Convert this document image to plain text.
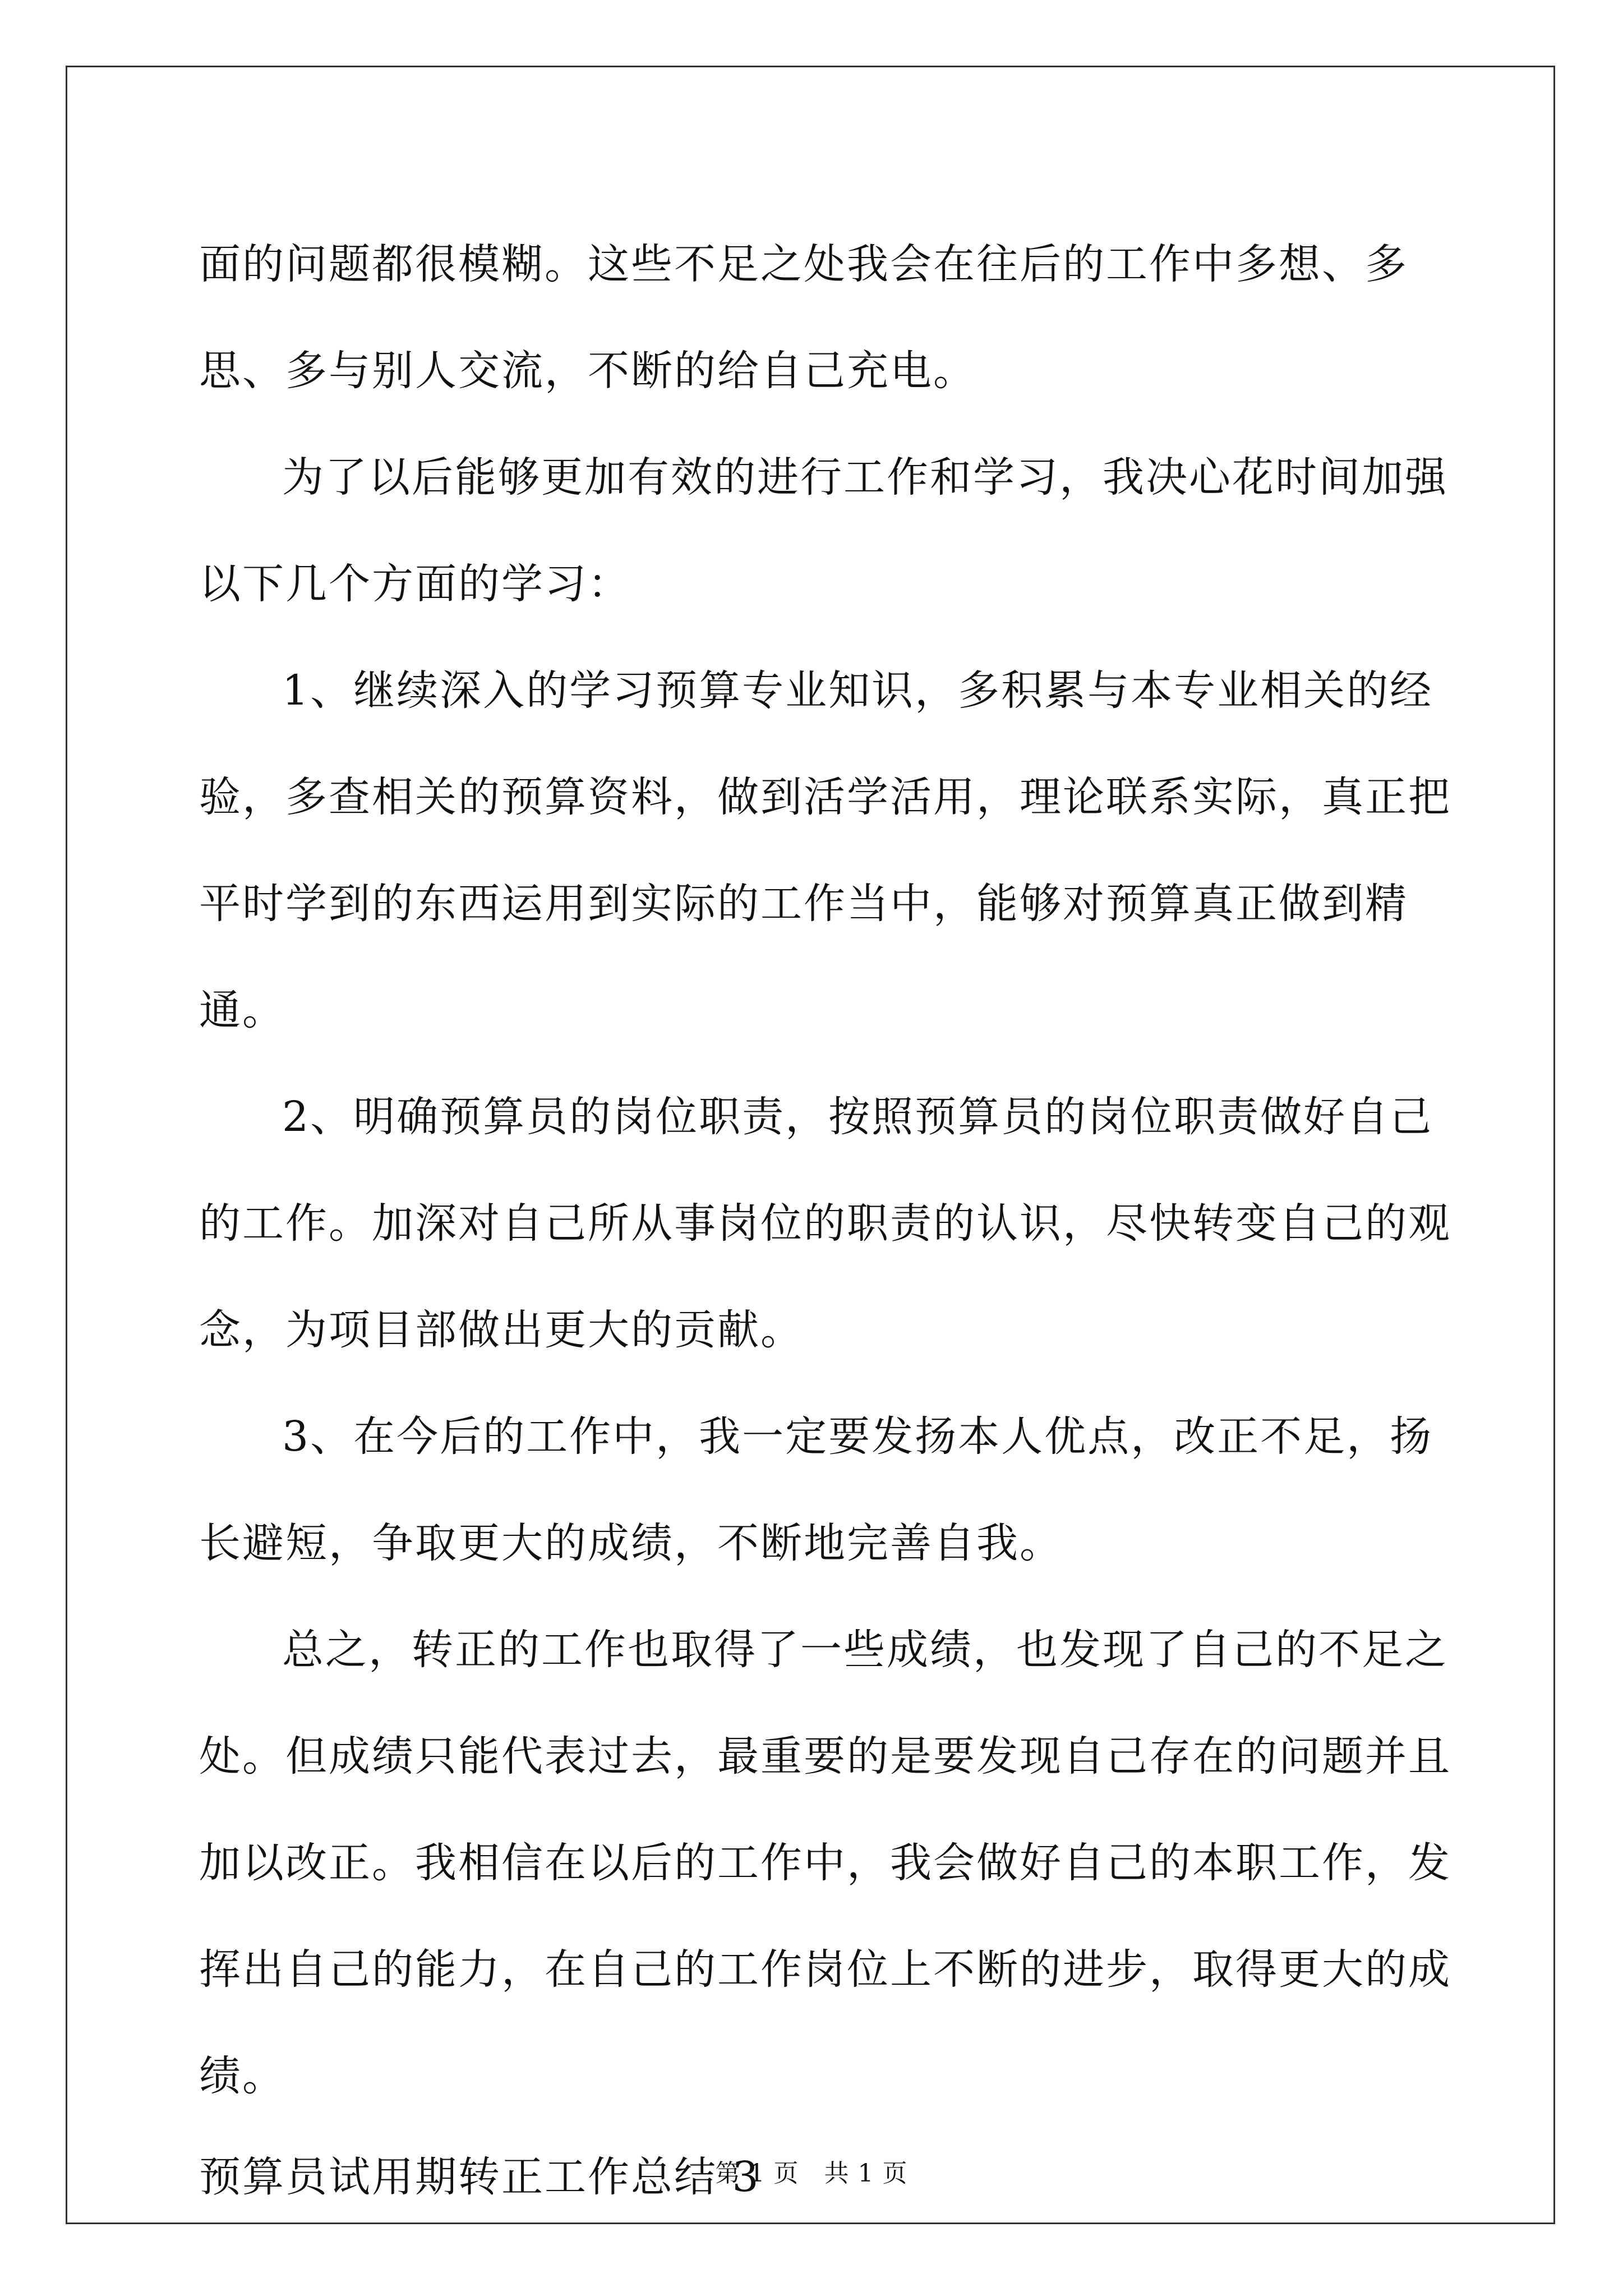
面的问题都很模糊。这些不足之处我会在往后的工作中多想、多思、多与别人交流，不断的给自己充电。

为了以后能够更加有效的进行工作和学习，我决心花时间加强以下几个方面的学习：

1、继续深入的学习预算专业知识，多积累与本专业相关的经验，多查相关的预算资料，做到活学活用，理论联系实际，真正把平时学到的东西运用到实际的工作当中，能够对预算真正做到精通。

2、明确预算员的岗位职责，按照预算员的岗位职责做好自己的工作。加深对自己所从事岗位的职责的认识，尽快转变自己的观念，为项目部做出更大的贡献。

3、在今后的工作中，我一定要发扬本人优点，改正不足，扬长避短，争取更大的成绩，不断地完善自我。

总之，转正的工作也取得了一些成绩，也发现了自己的不足之处。但成绩只能代表过去，最重要的是要发现自己存在的问题并且加以改正。我相信在以后的工作中，我会做好自己的本职工作，发挥出自己的能力，在自己的工作岗位上不断的进步，取得更大的成绩。

预算员试用期转正工作总结 3

第 1 页   共 1 页
